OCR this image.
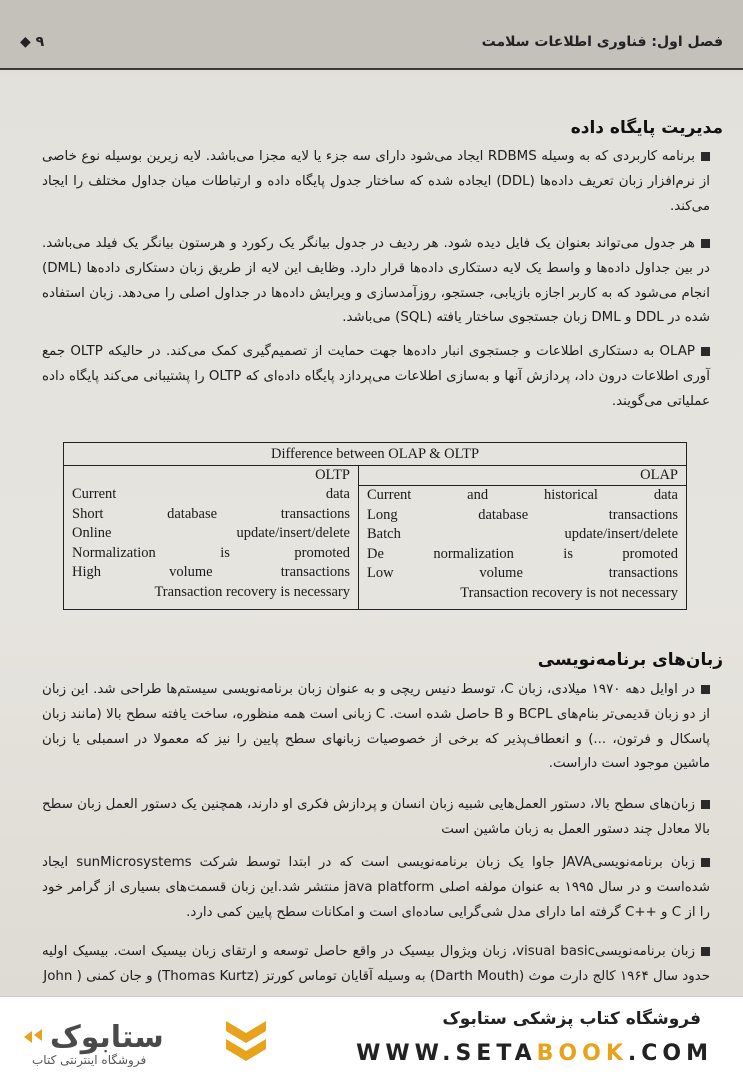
فصل اول: فناوری اطلاعات سلامت
۹ ◆
مدیریت پایگاه داده
برنامه کاربردی که به وسیله RDBMS ایجاد می‌شود دارای سه جزء یا لایه مجزا می‌باشد. لایه زیرین بوسیله نوع خاصی از نرم‌افزار زبان تعریف داده‌ها (DDL) ایجاده شده که ساختار جدول پایگاه داده و ارتباطات میان جداول مختلف را ایجاد می‌کند.
هر جدول می‌تواند بعنوان یک فایل دیده شود. هر ردیف در جدول بیانگر یک رکورد و هرستون بیانگر یک فیلد می‌باشد. در بین جداول داده‌ها و واسط یک لایه دستکاری داده‌ها قرار دارد. وظایف این لایه از طریق زبان دستکاری داده‌ها (DML) انجام می‌شود که به کاربر اجازه بازیابی، جستجو، روزآمدسازی و ویرایش داده‌ها در جداول اصلی را می‌دهد. زبان استفاده شده در DDL و DML زبان جستجوی ساختار یافته (SQL) می‌باشد.
OLAP به دستکاری اطلاعات و جستجوی انبار داده‌ها جهت حمایت از تصمیم‌گیری کمک می‌کند. در حالیکه OLTP جمع آوری اطلاعات درون داد، پردازش آنها و به‌سازی اطلاعات می‌پردازد پایگاه داده‌ای که OLTP را پشتیبانی می‌کند پایگاه داده عملیاتی می‌گویند.
Difference between OLAP & OLTP
OLTP
Current data
Short database transactions
Online update/insert/delete
Normalization is promoted
High volume transactions
Transaction recovery is necessary
OLAP
Current and historical data
Long database transactions
Batch update/insert/delete
De normalization is promoted
Low volume transactions
Transaction recovery is not necessary
زبان‌های برنامه‌نویسی
در اوایل دهه ۱۹۷۰ میلادی، زبان C، توسط دنیس ریچی و به عنوان زبان برنامه‌نویسی سیستم‌ها طراحی شد. این زبان از دو زبان قدیمی‌تر بنام‌های BCPL و B حاصل شده است. C زبانی است همه منظوره، ساخت یافته سطح بالا (مانند زبان پاسکال و فرتون، ...) و انعطاف‌پذیر که برخی از خصوصیات زبانهای سطح پایین را نیز که معمولا در اسمبلی یا زبان ماشین موجود است داراست.
زبان‌های سطح بالا، دستور العمل‌هایی شبیه زبان انسان و پردازش فکری او دارند، همچنین یک دستور العمل زبان سطح بالا معادل چند دستور العمل به زبان ماشین است
زبان برنامه‌نویسیJAVA جاوا یک زبان برنامه‌نویسی است که در ابتدا توسط شرکت sunMicrosystems ایجاد شده‌است و در سال ۱۹۹۵ به عنوان مولفه اصلی java platform منتشر شد.این زبان قسمت‌های بسیاری از گرامر خود را از C و ++C گرفته اما دارای مدل شی‌گرایی ساده‌ای است و امکانات سطح پایین کمی دارد.
زبان برنامه‌نویسیvisual basic، زبان ویژوال بیسیک در واقع حاصل توسعه و ارتقای زبان بیسیک است. بیسیک اولیه حدود سال ۱۹۶۴ کالج دارت موث (Darth Mouth) به وسیله آقایان توماس کورتز (Thomas Kurtz) و جان کمنی ( John
ستابوک
فروشگاه اینترنتی کتاب
فروشگاه کتاب پزشکی ستابوک
WWW.SETABOOK.COM
